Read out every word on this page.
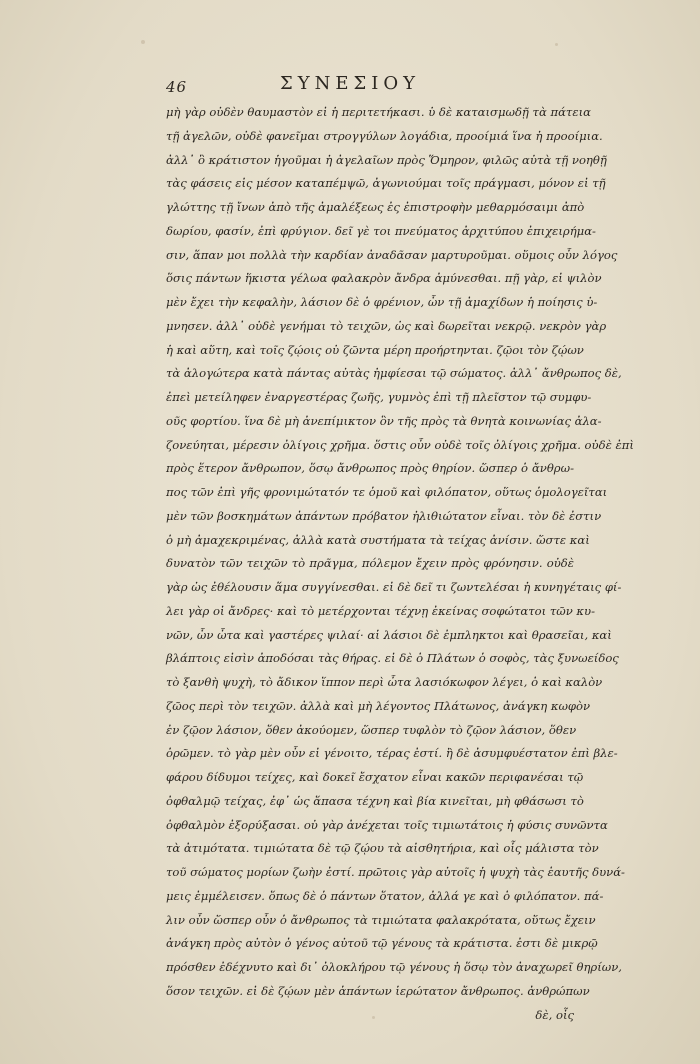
46	ΣΥΝΕΣΙΟΥ
μὴ γὰρ οὐδὲν θαυμαστὸν εἰ ἡ περιτετήκασι. ὑ δὲ καταισμωδῇ τὰ πάτεια
τῇ ἀγελῶν, οὐδὲ φανεῖμαι στρογγύλων λογάδια, προοίμιά ἵνα ἡ προοίμια.
ἀλλ᾽ ὃ κράτιστον ἡγοῦμαι ἡ ἀγελαῖων πρὸς Ὅμηρον, φιλῶς αὐτὰ τῇ νοηθῇ
τὰς φάσεις εἰς μέσον καταπέμψῶ, ἀγωνιούμαι τοῖς πράγμασι, μόνον εἰ τῇ
γλώττης τῇ ἴνων ἀπὸ τῆς ἀμαλέξεως ἐς ἐπιστροφὴν μεθαρμόσαιμι ἀπὸ
δωρίου, φασίν, ἐπὶ φρύγιον. δεῖ γὲ τοι πνεύματος ἀρχιτύπου ἐπιχειρήμα-
σιν, ἅπαν μοι πολλὰ τὴν καρδίαν ἀναδᾶσαν μαρτυροῦμαι. οὕμοις οὖν λόγος
ὅσις πάντων ἥκιστα γέλωα φαλακρὸν ἄνδρα ἀμύνεσθαι. πῇ γὰρ, εἰ ψιλὸν
μὲν ἔχει τὴν κεφαλὴν, λάσιον δὲ ὁ φρένιον, ὧν τῇ ἀμαχίδων ἡ ποίησις ὑ-
μνησεν. ἀλλ᾽ οὐδὲ γενήμαι τὸ τειχῶν, ὡς καὶ δωρεῖται νεκρῷ. νεκρὸν γὰρ
ἡ καὶ αὕτη, καὶ τοῖς ζῴοις οὐ ζῶντα μέρη προήρτηνται. ζῷοι τὸν ζῴων
τὰ ἀλογώτερα κατὰ πάντας αὐτὰς ἠμφίεσαι τῷ σώματος. ἀλλ᾽ ἄνθρωπος δὲ,
ἐπεὶ μετείληφεν ἐναργεστέρας ζωῆς, γυμνὸς ἐπὶ τῇ πλεῖστον τῷ συμφυ-
οῦς φορτίου. ἵνα δὲ μὴ ἀνεπίμικτον ὃν τῆς πρὸς τὰ θνητὰ κοινωνίας ἀλα-
ζονεύηται, μέρεσιν ὀλίγοις χρῆμα. ὅστις οὖν οὐδὲ τοῖς ὀλίγοις χρῆμα. οὐδὲ ἐπὶ
πρὸς ἕτερον ἄνθρωπον, ὅσῳ ἄνθρωπος πρὸς θηρίον. ὥσπερ ὁ ἄνθρω-
πος τῶν ἐπὶ γῆς φρονιμώτατόν τε ὁμοῦ καὶ φιλόπατον, οὕτως ὁμολογεῖται
μὲν τῶν βοσκημάτων ἁπάντων πρόβατον ἠλιθιώτατον εἶναι. τὸν δὲ ἐστιν
ὁ μὴ ἀμαχεκριμένας, ἀλλὰ κατὰ συστήματα τὰ τείχας ἀνίσιν. ὥστε καὶ
δυνατὸν τῶν τειχῶν τὸ πρᾶγμα, πόλεμον ἔχειν πρὸς φρόνησιν. οὐδὲ
γὰρ ὡς ἐθέλουσιν ἅμα συγγίνεσθαι. εἰ δὲ δεῖ τι ζωντελέσαι ἡ κυνηγέταις φί-
λει γὰρ οἱ ἄνδρες· καὶ τὸ μετέρχονται τέχνῃ ἐκείνας σοφώτατοι τῶν κυ-
νῶν, ὧν ὦτα καὶ γαστέρες ψιλαί· αἱ λάσιοι δὲ ἐμπληκτοι καὶ θρασεῖαι, καὶ
βλάπτοις εἰσὶν ἀποδόσαι τὰς θήρας. εἰ δὲ ὁ Πλάτων ὁ σοφὸς, τὰς ξυνωείδος
τὸ ξανθὴ ψυχὴ, τὸ ἄδικον ἵππον περὶ ὦτα λασιόκωφον λέγει, ὁ καὶ καλὸν
ζῶος περὶ τὸν τειχῶν. ἀλλὰ καὶ μὴ λέγοντος Πλάτωνος, ἀνάγκη κωφὸν
ἐν ζῷον λάσιον, ὅθεν ἀκούομεν, ὥσπερ τυφλὸν τὸ ζῷον λάσιον, ὅθεν
ὁρῶμεν. τὸ γὰρ μὲν οὖν εἰ γένοιτο, τέρας ἐστί. ἢ δὲ ἀσυμφυέστατον ἐπὶ βλε-
φάρου δίδυμοι τείχες, καὶ δοκεῖ ἔσχατον εἶναι κακῶν περιφανέσαι τῷ
ὀφθαλμῷ τείχας, ἐφ᾽ ὡς ἅπασα τέχνη καὶ βία κινεῖται, μὴ φθάσωσι τὸ
ὀφθαλμὸν ἐξορύξασαι. οὐ γὰρ ἀνέχεται τοῖς τιμιωτάτοις ἡ φύσις συνῶντα
τὰ ἀτιμότατα. τιμιώτατα δὲ τῷ ζῴου τὰ αἰσθητήρια, καὶ οἷς μάλιστα τὸν
τοῦ σώματος μορίων ζωὴν ἐστί. πρῶτοις γὰρ αὐτοῖς ἡ ψυχὴ τὰς ἑαυτῆς δυνά-
μεις ἐμμέλεισεν. ὅπως δὲ ὁ πάντων ὅτατον, ἀλλά γε καὶ ὁ φιλόπατον. πά-
λιν οὖν ὥσπερ οὖν ὁ ἄνθρωπος τὰ τιμιώτατα φαλακρότατα, οὕτως ἔχειν
ἀνάγκη πρὸς αὐτὸν ὁ γένος αὐτοῦ τῷ γένους τὰ κράτιστα. ἐστι δὲ μικρῷ
πρόσθεν ἐδέχνυτο καὶ δι᾽ ὀλοκλήρου τῷ γένους ἡ ὅσῳ τὸν ἀναχωρεῖ θηρίων,
ὅσον τειχῶν. εἰ δὲ ζῴων μὲν ἁπάντων ἱερώτατον ἄνθρωπος. ἀνθρώπων
δὲ, οἷς
